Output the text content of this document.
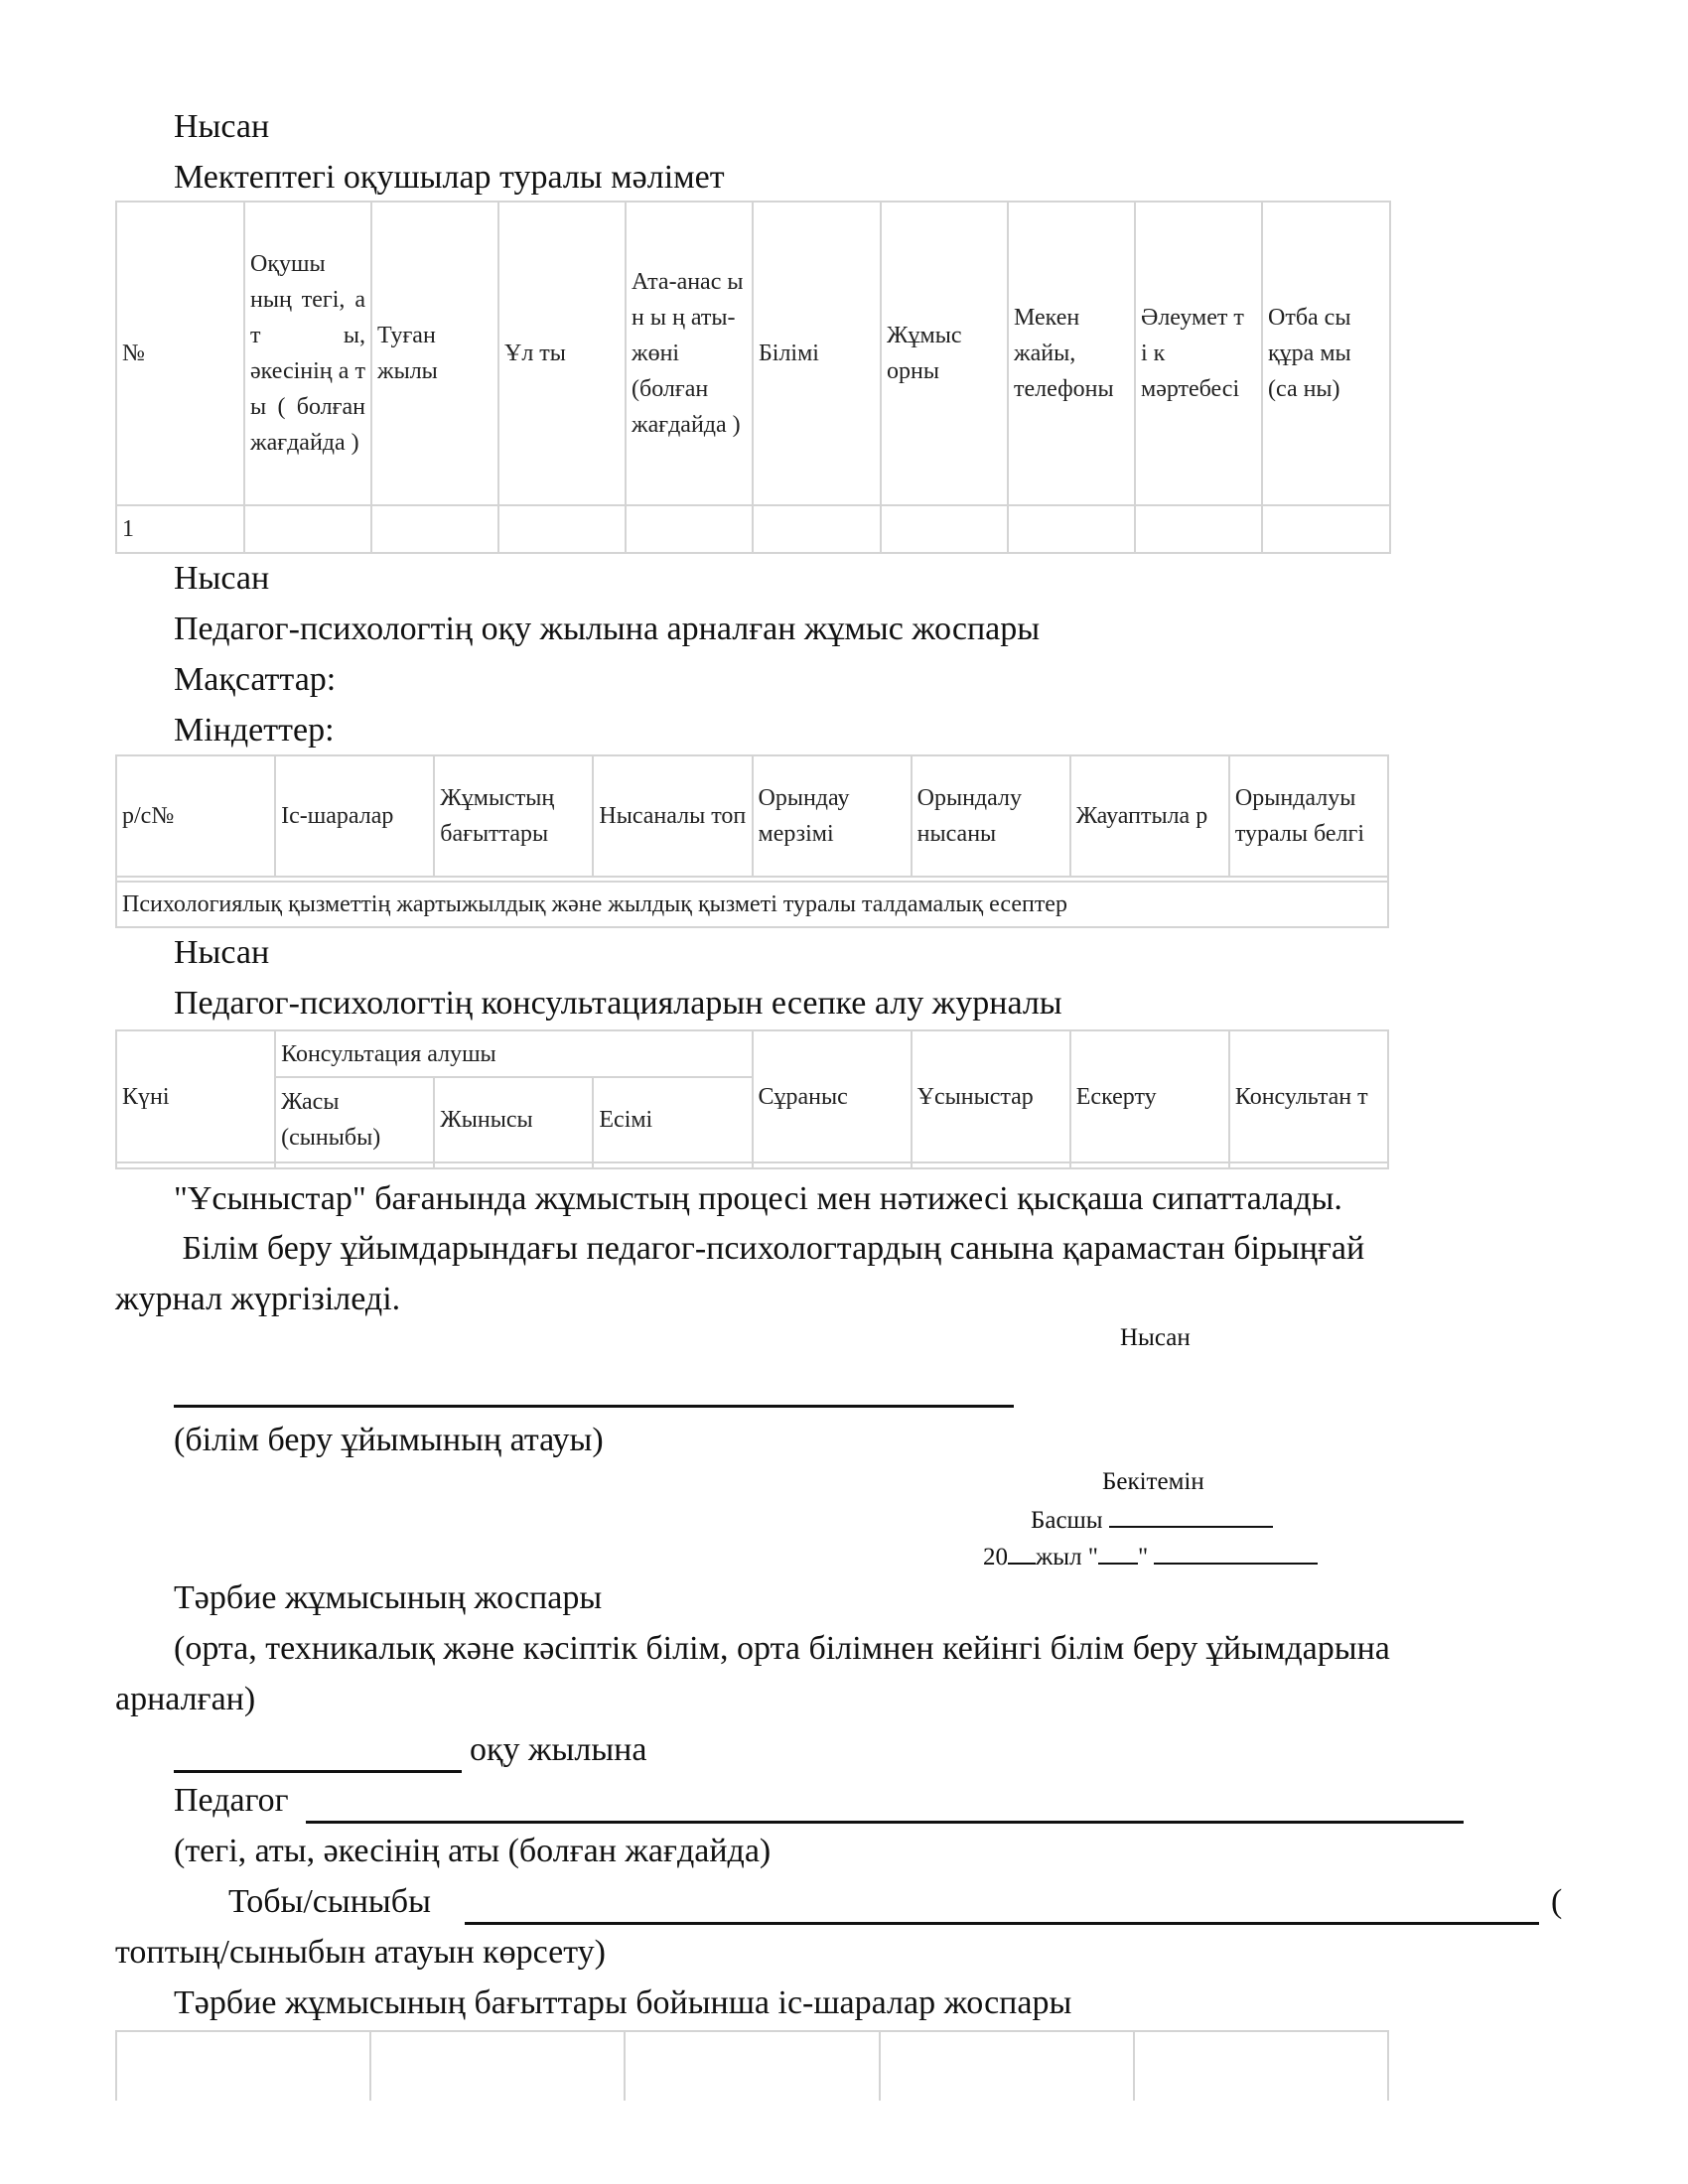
Нысан
Мектептегі оқушылар туралы мәлімет
№	Оқушы ның тегі, а т ы, әкесінің а т ы ( болған жағдайда )	Туған жылы	Ұл ты	Ата-анас ы н ы ң аты-жөні (болған жағдайда )	Білімі	Жұмыс орны	Мекен жайы, телефоны	Әлеумет т і к мәртебесі	Отба сы құра мы (са ны)
1									
Нысан
Педагог-психологтің оқу жылына арналған жұмыс жоспары
Мақсаттар:
Міндеттер:
р/с№	Іс-шаралар	Жұмыстың бағыттары	Нысаналы топ	Орындау мерзімі	Орындалу нысаны	Жауаптыла р	Орындалуы туралы белгі

Психологиялық қызметтің жартыжылдық және жылдық қызметі туралы талдамалық есептер
Нысан
Педагог-психологтің консультацияларын есепке алу журналы
Күні	Консультация алушы			Сұраныс	Ұсыныстар	Ескерту	Консультан т
	Жасы (сыныбы)	Жынысы	Есімі				

"Ұсыныстар" бағанында жұмыстың процесі мен нәтижесі қысқаша сипатталады.
Білім беру ұйымдарындағы педагог-психологтардың санына қарамастан бірыңғай
журнал жүргізіледі.
Нысан
(білім беру ұйымының атауы)
Бекітемін
Басшы
20 жыл " "
Тәрбие жұмысының жоспары
(орта, техникалық және кәсіптік білім, орта білімнен кейінгі білім беру ұйымдарына
арналған)
оқу жылына
Педагог
(тегі, аты, әкесінің аты (болған жағдайда)
Тобы/сыныбы	(
топтың/сыныбын атауын көрсету)
Тәрбие жұмысының бағыттары бойынша іс-шаралар жоспары
